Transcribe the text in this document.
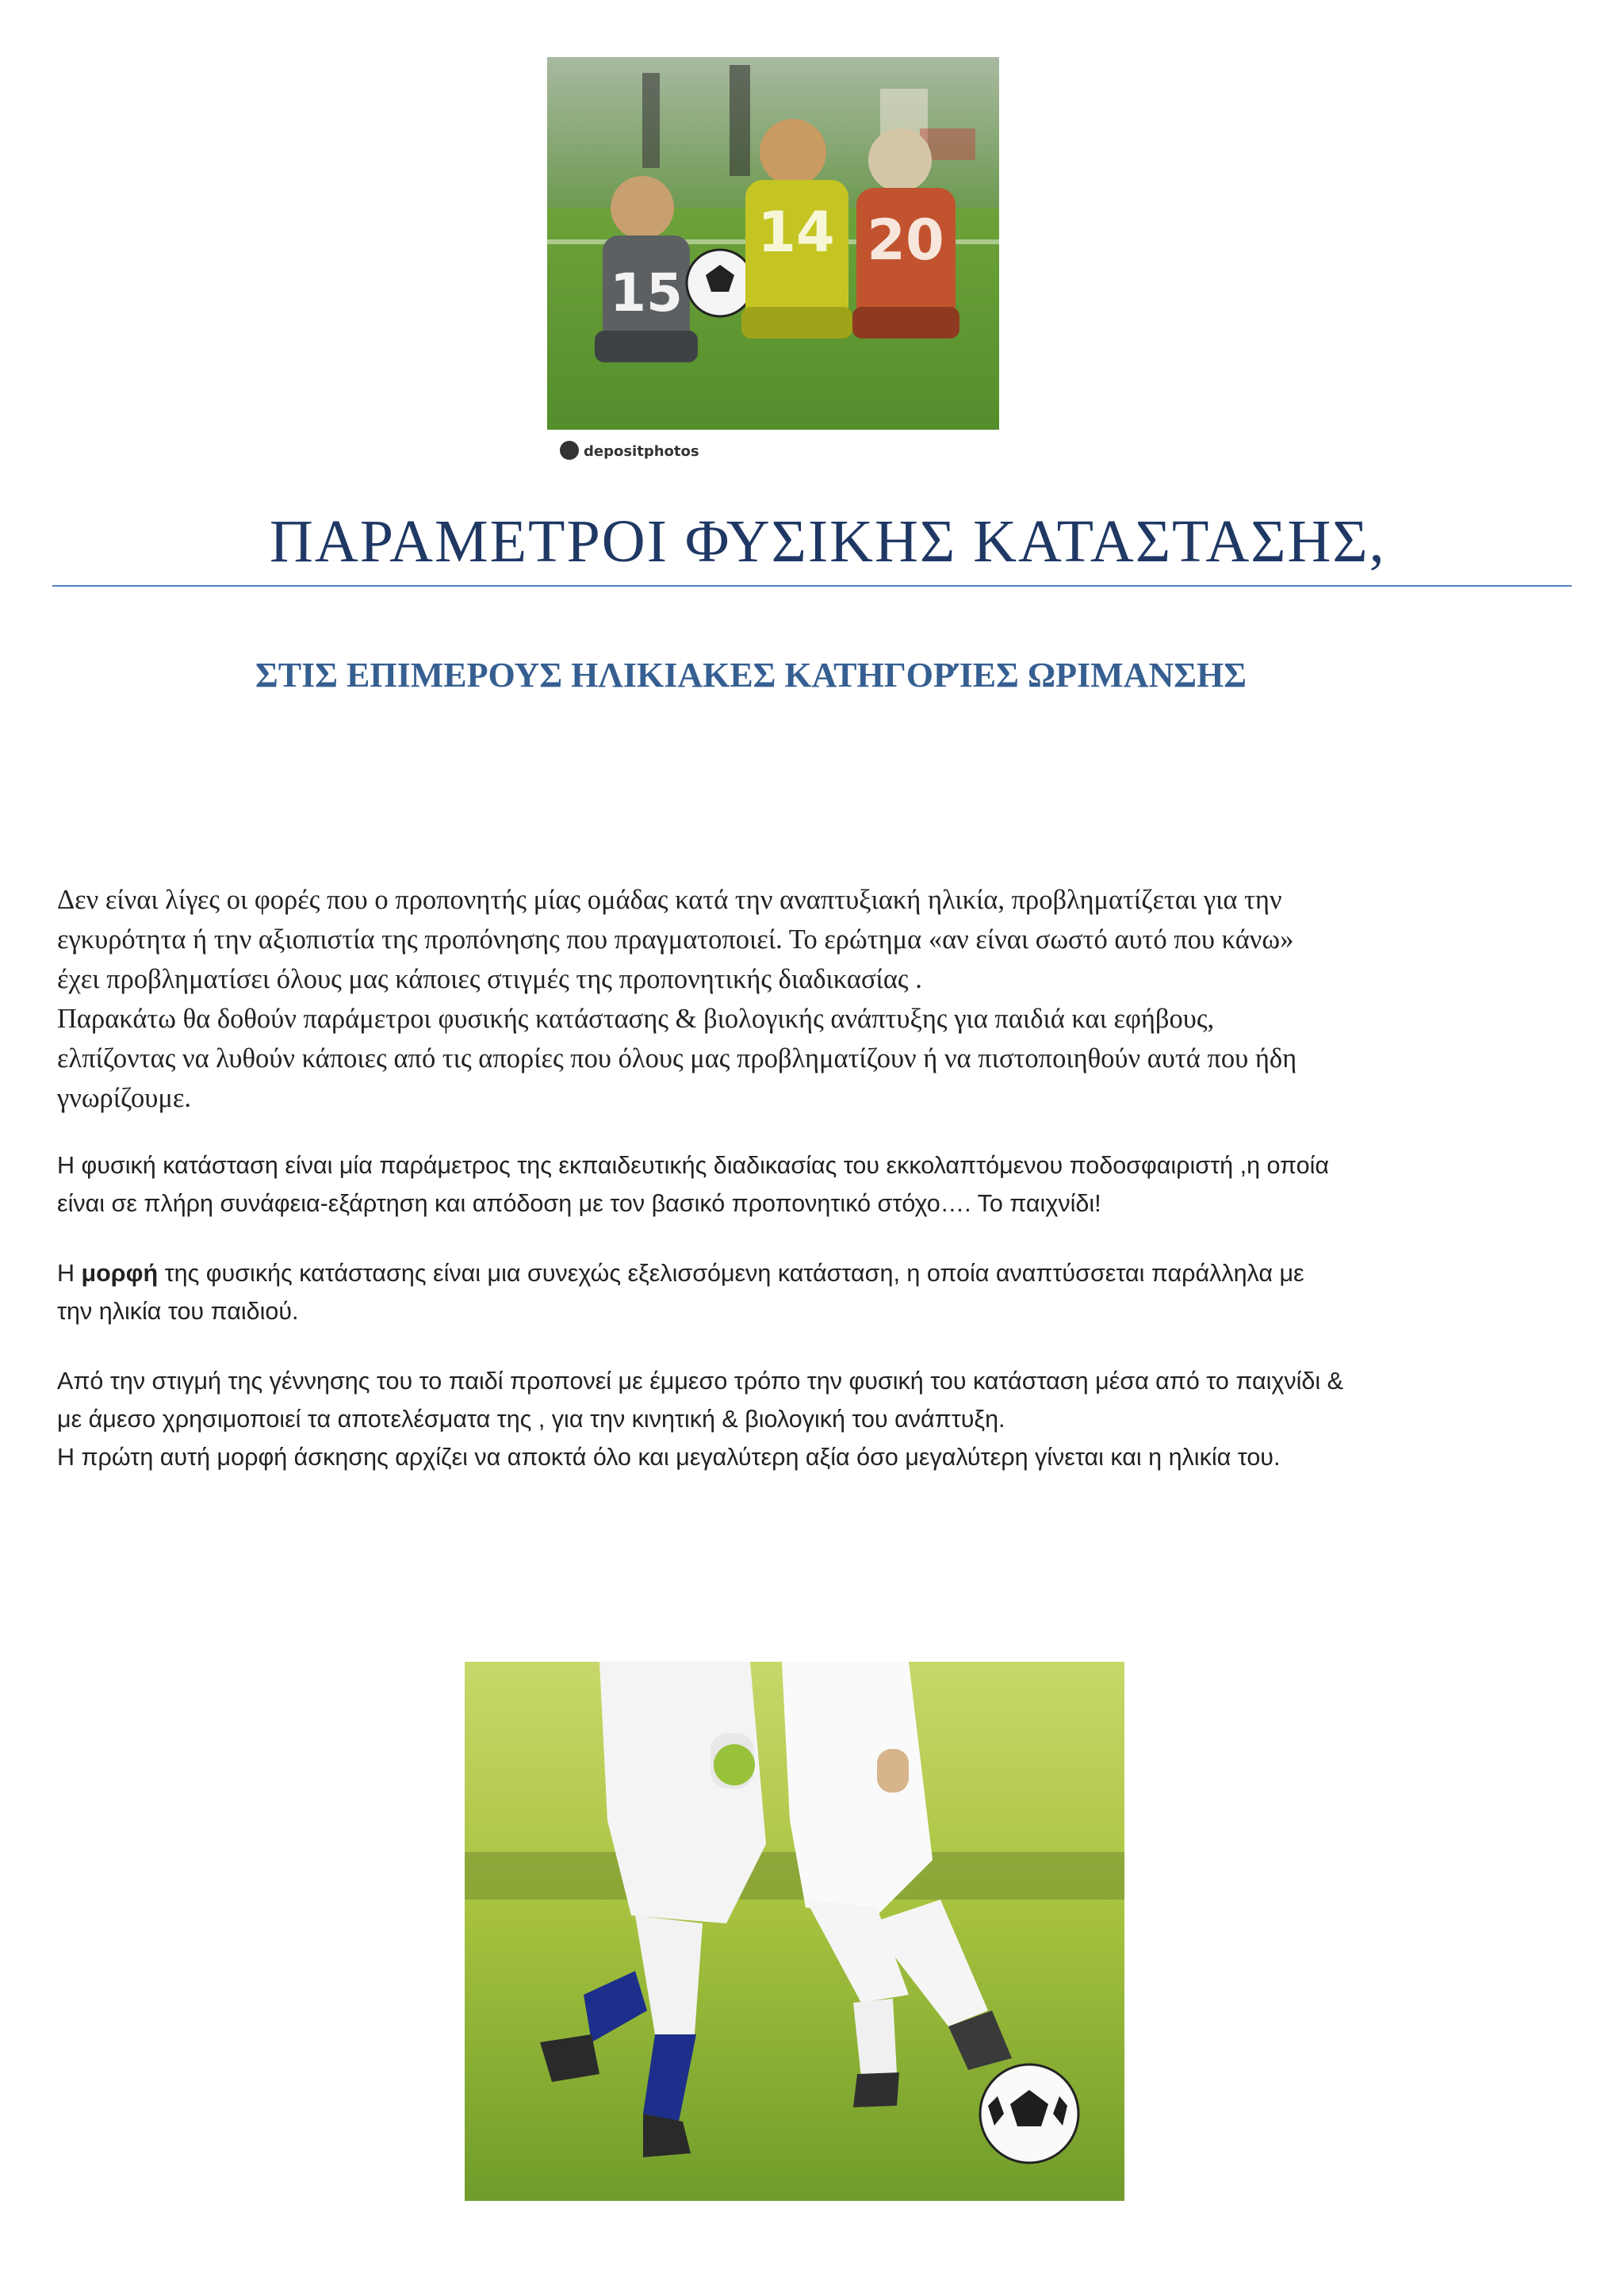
15
14 20
depositphotos
ΠΑΡΑΜΕΤΡΟΙ ΦΥΣΙΚΗΣ ΚΑΤΑΣΤΑΣΗΣ,
ΣΤΙΣ ΕΠΙΜΕΡΟΥΣ ΗΛΙΚΙΑΚΕΣ ΚΑΤΗΓΟΡΊΕΣ ΩΡΙΜΑΝΣΗΣ
Δεν είναι λίγες οι φορές που ο προπονητής μίας ομάδας κατά την αναπτυξιακή ηλικία, προβληματίζεται για την
εγκυρότητα ή την αξιοπιστία της προπόνησης που πραγματοποιεί. Το ερώτημα «αν είναι σωστό αυτό που κάνω»
έχει προβληματίσει όλους μας κάποιες στιγμές της προπονητικής διαδικασίας .
Παρακάτω θα δοθούν παράμετροι φυσικής κατάστασης & βιολογικής ανάπτυξης για παιδιά και εφήβους,
ελπίζοντας να λυθούν κάποιες από τις απορίες που όλους μας προβληματίζουν ή να πιστοποιηθούν αυτά που ήδη
γνωρίζουμε.
Η φυσική κατάσταση είναι μία παράμετρος της εκπαιδευτικής διαδικασίας του εκκολαπτόμενου ποδοσφαιριστή ,η οποία
είναι σε πλήρη συνάφεια-εξάρτηση και απόδοση με τον βασικό προπονητικό στόχο…. Το παιχνίδι!
Η μορφή της φυσικής κατάστασης είναι μια συνεχώς εξελισσόμενη κατάσταση, η οποία αναπτύσσεται παράλληλα με
την ηλικία του παιδιού.
Από την στιγμή της γέννησης του το παιδί προπονεί με έμμεσο τρόπο την φυσική του κατάσταση μέσα από το παιχνίδι &
με άμεσο χρησιμοποιεί τα αποτελέσματα της , για την κινητική & βιολογική του ανάπτυξη.
Η πρώτη αυτή μορφή άσκησης αρχίζει να αποκτά όλο και μεγαλύτερη αξία όσο μεγαλύτερη γίνεται και η ηλικία του.
